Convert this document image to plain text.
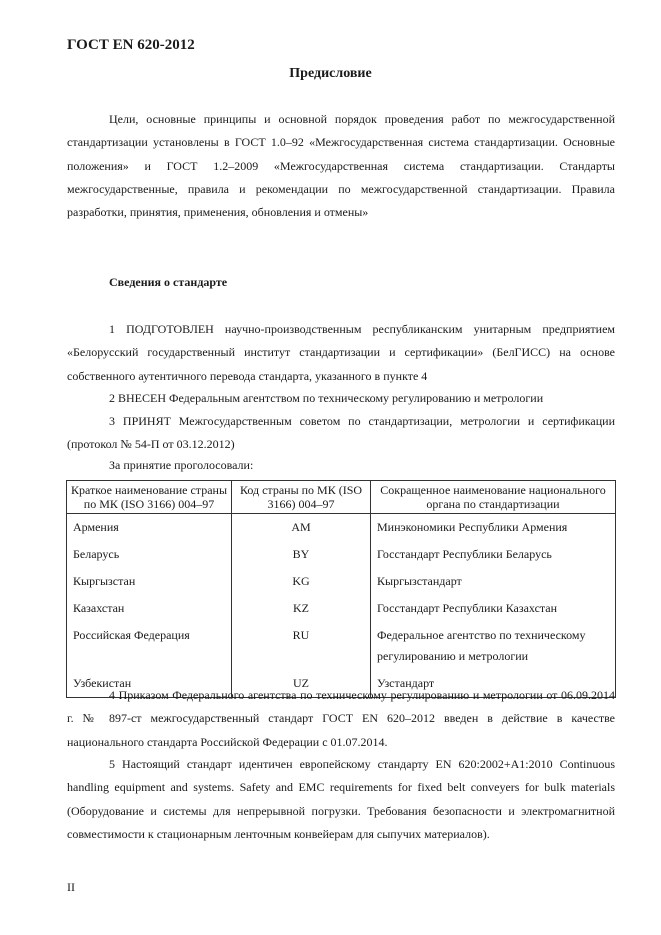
ГОСТ EN 620-2012
Предисловие
Цели, основные принципы и основной порядок проведения работ по межгосударственной стандартизации установлены в ГОСТ 1.0–92 «Межгосударственная система стандартизации. Основные положения» и ГОСТ 1.2–2009 «Межгосударственная система стандартизации. Стандарты межгосударственные, правила и рекомендации по межгосударственной стандартизации. Правила разработки, принятия, применения, обновления и отмены»
Сведения о стандарте
1 ПОДГОТОВЛЕН научно-производственным республиканским унитарным предприятием «Белорусский государственный институт стандартизации и сертификации» (БелГИСС) на основе собственного аутентичного перевода стандарта, указанного в пункте 4
2 ВНЕСЕН Федеральным агентством по техническому регулированию и метрологии
3 ПРИНЯТ Межгосударственным советом по стандартизации, метрологии и сертификации (протокол № 54-П от 03.12.2012)
За принятие проголосовали:
Краткое наименование страны по МК (ISO 3166) 004–97	Код страны по МК (ISO 3166) 004–97	Сокращенное наименование национального органа по стандартизации
Армения	AM	Минэкономики Республики Армения
Беларусь	BY	Госстандарт Республики Беларусь
Кыргызстан	KG	Кыргызстандарт
Казахстан	KZ	Госстандарт Республики Казахстан
Российская Федерация	RU	Федеральное агентство по техническому регулированию и метрологии
Узбекистан	UZ	Узстандарт
4 Приказом Федерального агентства по техническому регулированию и метрологии от 06.09.2014 г. № 897-ст межгосударственный стандарт ГОСТ EN 620–2012 введен в действие в качестве национального стандарта Российской Федерации с 01.07.2014.
5 Настоящий стандарт идентичен европейскому стандарту EN 620:2002+A1:2010 Continuous handling equipment and systems. Safety and EMC requirements for fixed belt conveyers for bulk materials (Оборудование и системы для непрерывной погрузки. Требования безопасности и электромагнитной совместимости к стационарным ленточным конвейерам для сыпучих материалов).
II
